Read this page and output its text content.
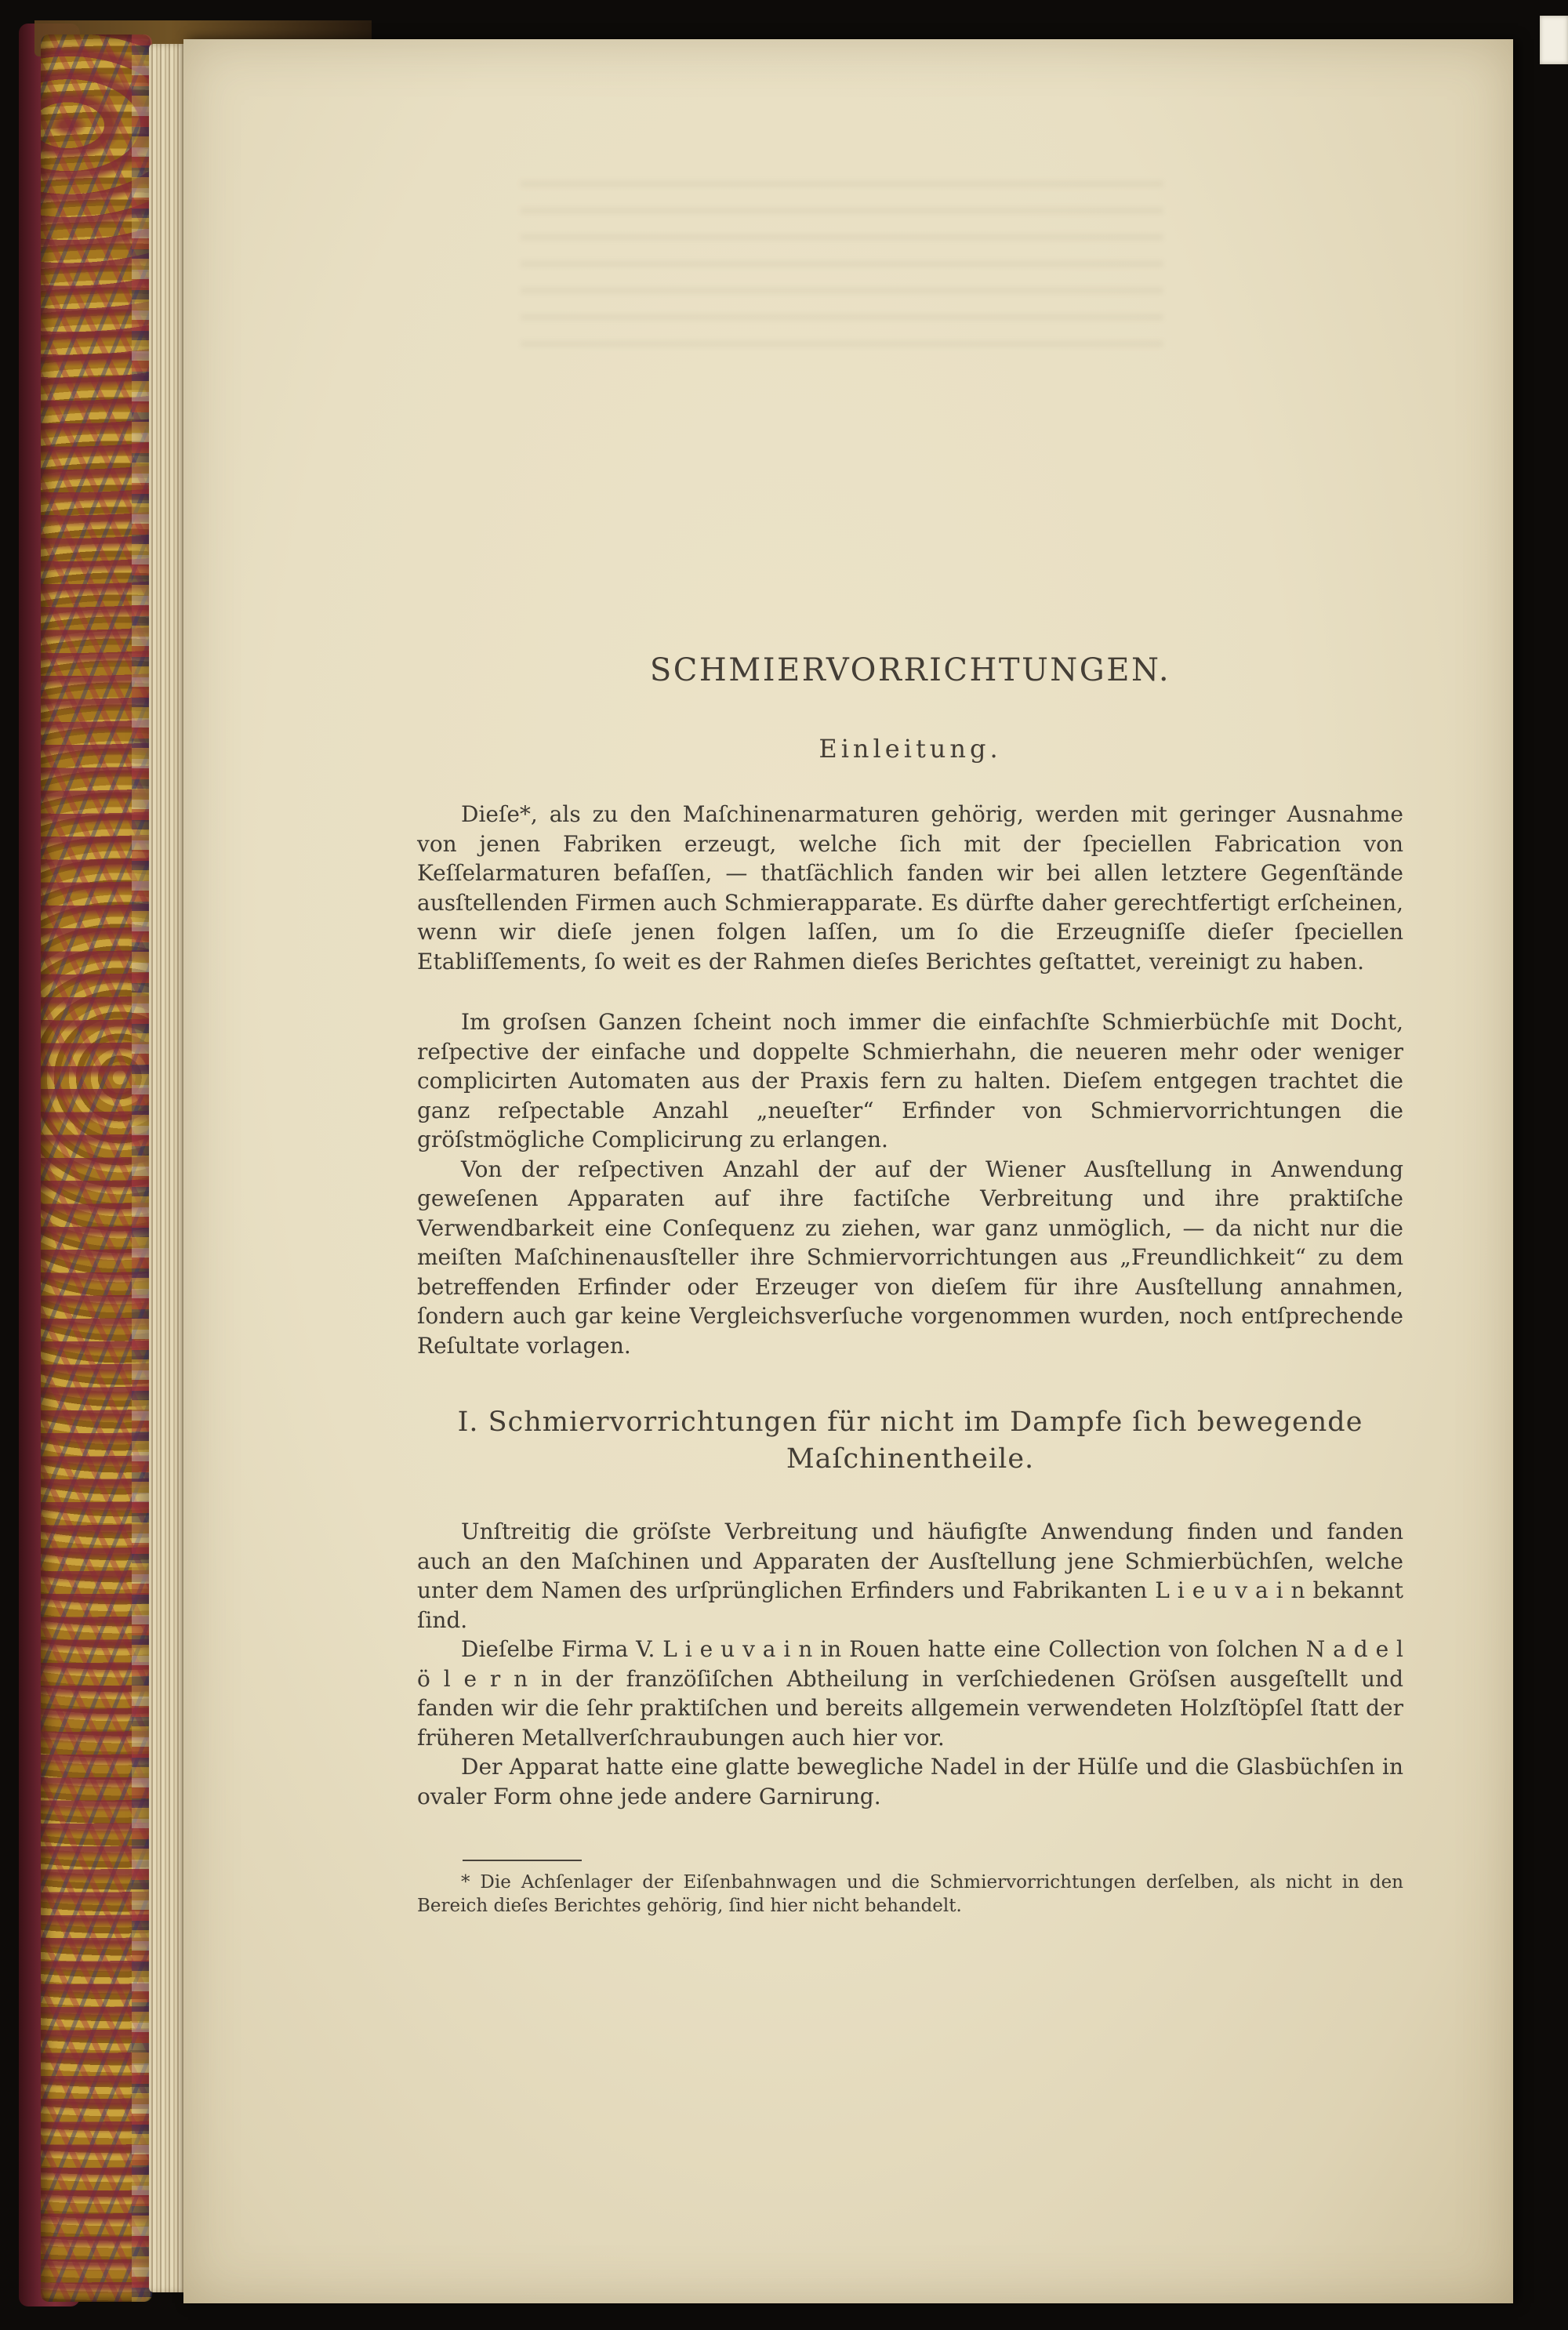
SCHMIERVORRICHTUNGEN.
Einleitung.

Dieſe*, als zu den Maſchinenarmaturen gehörig, werden mit geringer Ausnahme von jenen Fabriken erzeugt, welche ſich mit der ſpeciellen Fabrication von Keſſelarmaturen befaſſen, — thatſächlich fanden wir bei allen letztere Gegenſtände ausſtellenden Firmen auch Schmierapparate. Es dürfte daher gerechtfertigt erſcheinen, wenn wir dieſe jenen folgen laſſen, um ſo die Erzeugniſſe dieſer ſpeciellen Etabliſſements, ſo weit es der Rahmen dieſes Berichtes geſtattet, vereinigt zu haben.

Im groſsen Ganzen ſcheint noch immer die einfachſte Schmierbüchſe mit Docht, reſpective der einfache und doppelte Schmierhahn, die neueren mehr oder weniger complicirten Automaten aus der Praxis fern zu halten. Dieſem entgegen trachtet die ganz reſpectable Anzahl „neueſter“ Erfinder von Schmiervorrichtungen die gröſstmögliche Complicirung zu erlangen.

Von der reſpectiven Anzahl der auf der Wiener Ausſtellung in Anwendung geweſenen Apparaten auf ihre factiſche Verbreitung und ihre praktiſche Verwendbarkeit eine Conſequenz zu ziehen, war ganz unmöglich, — da nicht nur die meiſten Maſchinenausſteller ihre Schmiervorrichtungen aus „Freundlichkeit“ zu dem betreffenden Erfinder oder Erzeuger von dieſem für ihre Ausſtellung annahmen, ſondern auch gar keine Vergleichsverſuche vorgenommen wurden, noch entſprechende Reſultate vorlagen.

I. Schmiervorrichtungen für nicht im Dampfe ſich bewegende
Maſchinentheile.

Unſtreitig die gröſste Verbreitung und häufigſte Anwendung finden und fanden auch an den Maſchinen und Apparaten der Ausſtellung jene Schmierbüchſen, welche unter dem Namen des urſprünglichen Erfinders und Fabrikanten L i e u v a i n bekannt ſind.

Dieſelbe Firma V. L i e u v a i n in Rouen hatte eine Collection von ſolchen N a d e l ö l e r n in der franzöſiſchen Abtheilung in verſchiedenen Gröſsen ausgeſtellt und fanden wir die ſehr praktiſchen und bereits allgemein verwendeten Holzſtöpſel ſtatt der früheren Metallverſchraubungen auch hier vor.

Der Apparat hatte eine glatte bewegliche Nadel in der Hülſe und die Glasbüchſen in ovaler Form ohne jede andere Garnirung.

* Die Achſenlager der Eiſenbahnwagen und die Schmiervorrichtungen derſelben, als nicht in den Bereich dieſes Berichtes gehörig, ſind hier nicht behandelt.
